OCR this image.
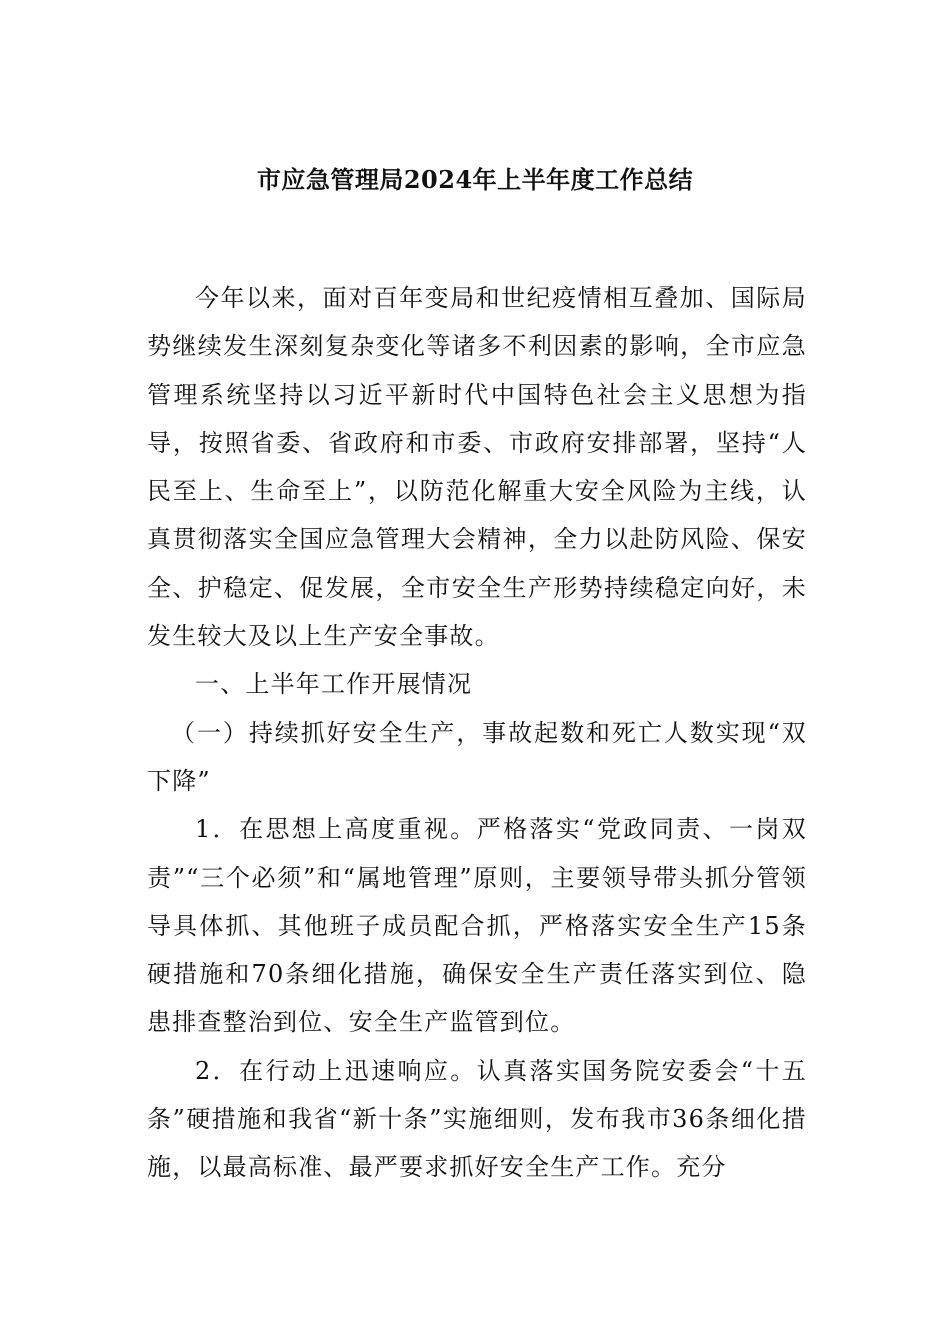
市应急管理局2024年上半年度工作总结

今年以来，面对百年变局和世纪疫情相互叠加、国际局势继续发生深刻复杂变化等诸多不利因素的影响，全市应急管理系统坚持以习近平新时代中国特色社会主义思想为指导，按照省委、省政府和市委、市政府安排部署，坚持“人民至上、生命至上”，以防范化解重大安全风险为主线，认真贯彻落实全国应急管理大会精神，全力以赴防风险、保安全、护稳定、促发展，全市安全生产形势持续稳定向好，未发生较大及以上生产安全事故。

一、上半年工作开展情况

（一）持续抓好安全生产，事故起数和死亡人数实现“双下降”

1．在思想上高度重视。严格落实“党政同责、一岗双责”“三个必须”和“属地管理”原则，主要领导带头抓分管领导具体抓、其他班子成员配合抓，严格落实安全生产15条硬措施和70条细化措施，确保安全生产责任落实到位、隐患排查整治到位、安全生产监管到位。

2．在行动上迅速响应。认真落实国务院安委会“十五条”硬措施和我省“新十条”实施细则，发布我市36条细化措施，以最高标准、最严要求抓好安全生产工作。充分
